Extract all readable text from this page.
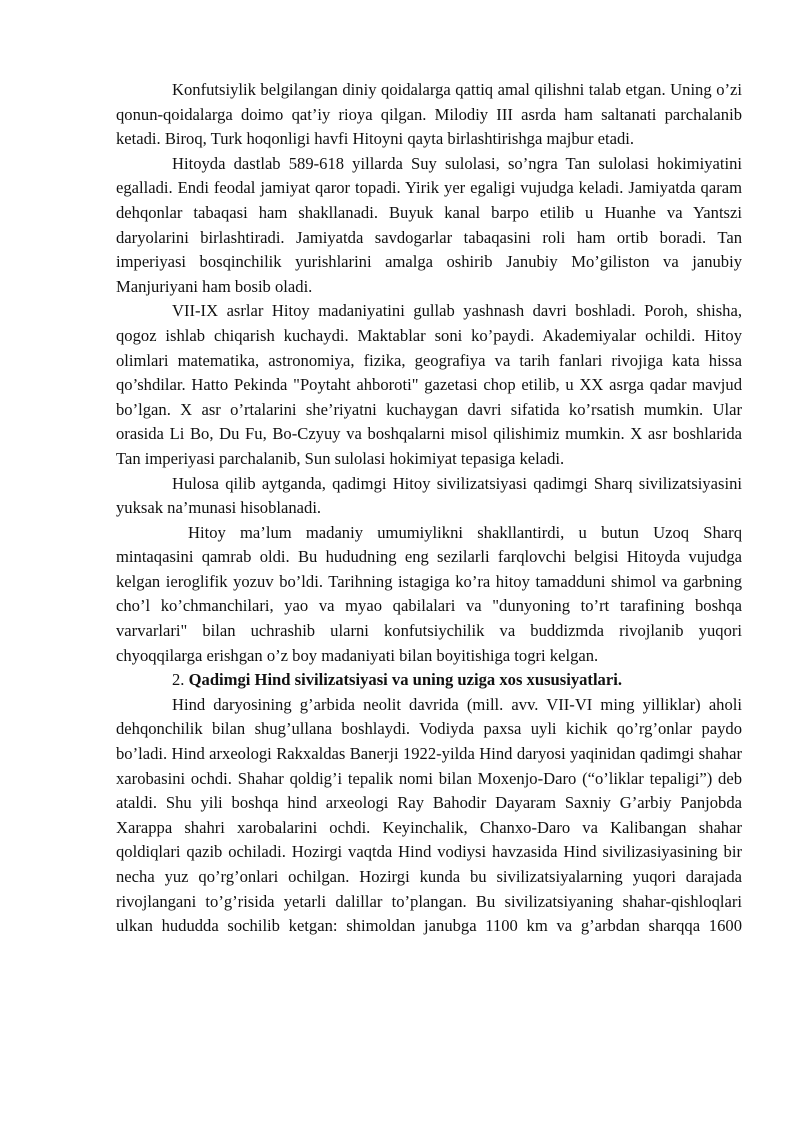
Konfutsiylik belgilangan diniy qoidalarga qattiq amal qilishni talab etgan. Uning o’zi qonun-qoidalarga doimo qat’iy rioya qilgan. Milodiy III asrda ham saltanati parchalanib ketadi. Biroq, Turk hoqonligi havfi Hitoyni qayta birlashtirishga majbur etadi.

Hitoyda dastlab 589-618 yillarda Suy sulolasi, so’ngra Tan sulolasi hokimiyatini egalladi. Endi feodal jamiyat qaror topadi. Yirik yer egaligi vujudga keladi. Jamiyatda qaram dehqonlar tabaqasi ham shakllanadi. Buyuk kanal barpo etilib u Huanhe va Yantszi daryolarini birlashtiradi. Jamiyatda savdogarlar tabaqasini roli ham ortib boradi. Tan imperiyasi bosqinchilik yurishlarini amalga oshirib Janubiy Mo’giliston va janubiy Manjuriyani ham bosib oladi.

VII-IX asrlar Hitoy madaniyatini gullab yashnash davri boshladi. Poroh, shisha, qogoz ishlab chiqarish kuchaydi. Maktablar soni ko’paydi. Akademiyalar ochildi. Hitoy olimlari matematika, astronomiya, fizika, geografiya va tarih fanlari rivojiga kata hissa qo’shdilar. Hatto Pekinda "Poytaht ahboroti" gazetasi chop etilib, u XX asrga qadar mavjud bo’lgan. X asr o’rtalarini she’riyatni kuchaygan davri sifatida ko’rsatish mumkin. Ular orasida Li Bo, Du Fu, Bo-Czyuy va boshqalarni misol qilishimiz mumkin. X asr boshlarida Tan imperiyasi parchalanib, Sun sulolasi hokimiyat tepasiga keladi.

Hulosa qilib aytganda, qadimgi Hitoy sivilizatsiyasi qadimgi Sharq sivilizatsiyasini yuksak na’munasi hisoblanadi.

Hitoy ma’lum madaniy umumiylikni shakllantirdi, u butun Uzoq Sharq mintaqasini qamrab oldi. Bu hududning eng sezilarli farqlovchi belgisi Hitoyda vujudga kelgan ieroglifik yozuv bo’ldi. Tarihning istagiga ko’ra hitoy tamadduni shimol va garbning cho’l ko’chmanchilari, yao va myao qabilalari va "dunyoning to’rt tarafining boshqa varvarlari" bilan uchrashib ularni konfutsiychilik va buddizmda rivojlanib yuqori chyoqqilarga erishgan o’z boy madaniyati bilan boyitishiga togri kelgan.

2. Qadimgi Hind sivilizatsiyasi va uning uziga xos xususiyatlari.

Hind daryosining g’arbida neolit davrida (mill. avv. VII-VI ming yilliklar) aholi dehqonchilik bilan shug’ullana boshlaydi. Vodiyda paxsa uyli kichik qo’rg’onlar paydo bo’ladi. Hind arxeologi Rakxaldas Banerji 1922-yilda Hind daryosi yaqinidan qadimgi shahar xarobasini ochdi. Shahar qoldig’i tepalik nomi bilan Moxenjo-Daro (“o’liklar tepaligi”) deb ataldi. Shu yili boshqa hind arxeologi Ray Bahodir Dayaram Saxniy G’arbiy Panjobda Xarappa shahri xarobalarini ochdi. Keyinchalik, Chanxo-Daro va Kalibangan shahar qoldiqlari qazib ochiladi. Hozirgi vaqtda Hind vodiysi havzasida Hind sivilizasiyasining bir necha yuz qo’rg’onlari ochilgan. Hozirgi kunda bu sivilizatsiyalarning yuqori darajada rivojlangani to’g’risida yetarli dalillar to’plangan. Bu sivilizatsiyaning shahar-qishloqlari ulkan hududda sochilib ketgan: shimoldan janubga 1100 km va g’arbdan sharqqa 1600
